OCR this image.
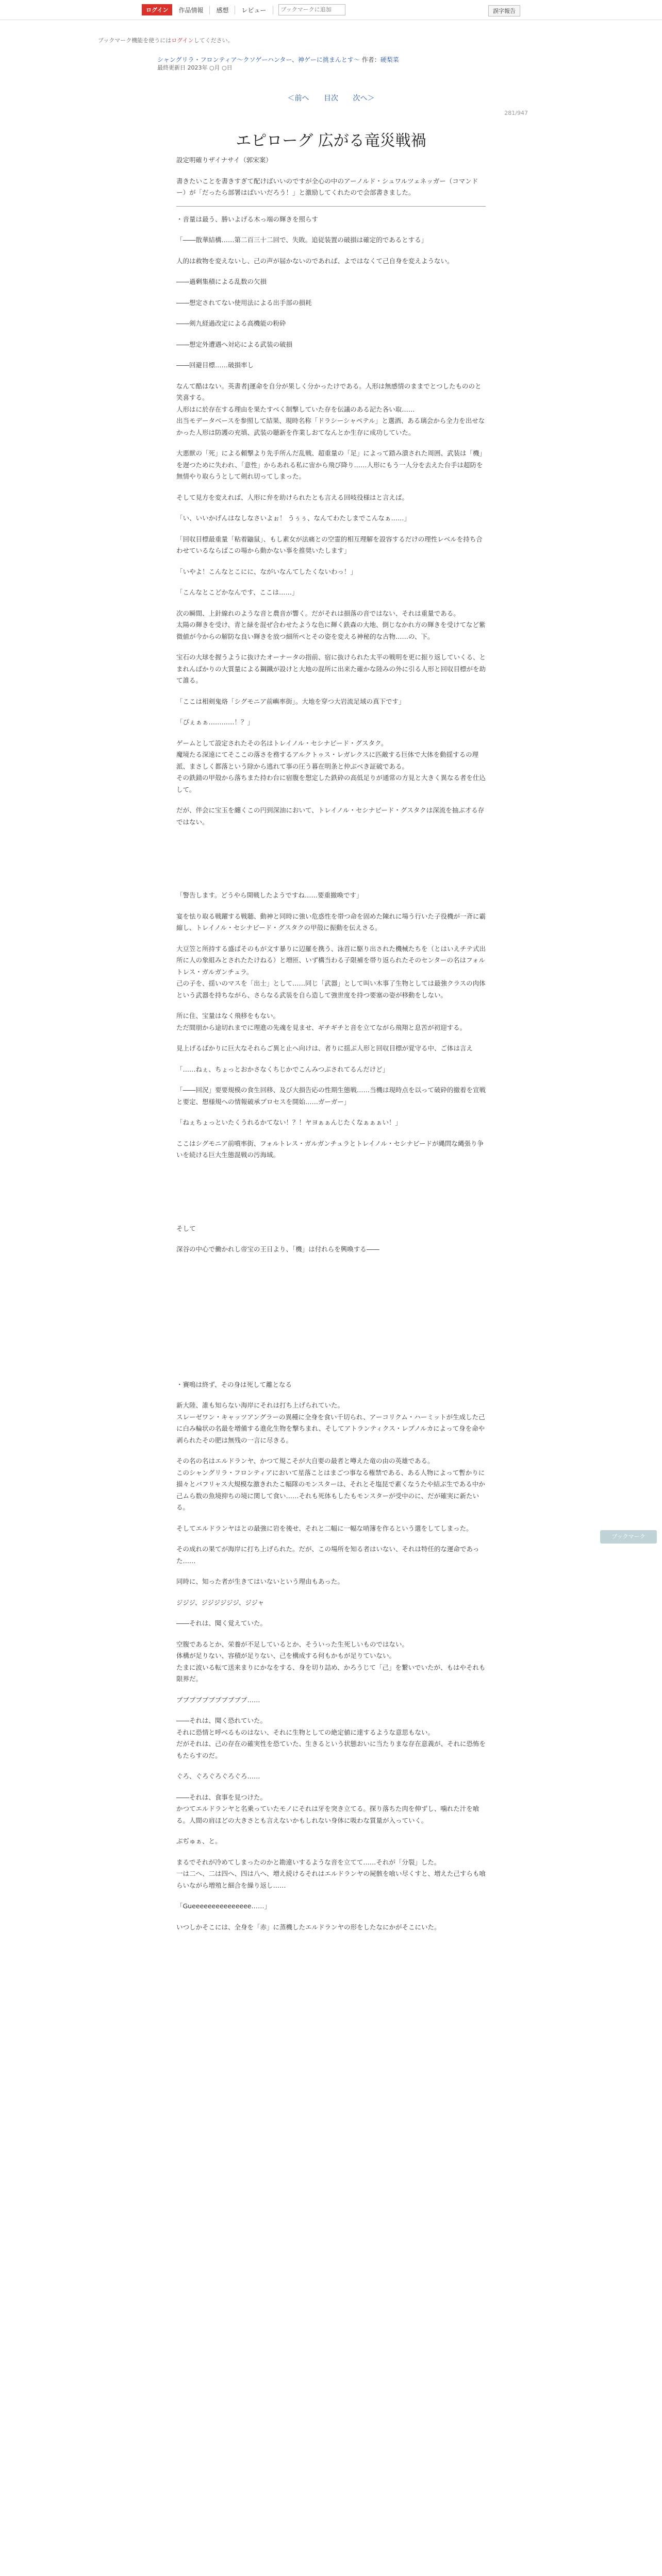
ログイン	作品情報	感想	レビュー
ブックマークに追加	誤字報告
ブックマーク機能を使うにはログインしてください。
シャングリラ・フロンティア〜クソゲーハンター、神ゲーに挑まんとす〜 作者：硬梨菜
最終更新日 2023年 ○月 ○日
＜前へ 目次 次へ＞
281/947
エピローグ 広がる竜災戦禍

設定明確りザイナサイ（郭宋案）

書きたいことを書きすぎて配けばいいのですが全心の中のアーノルド・シュワルツェネッガー（コマンドー）が「だったら部署はばいいだろう！」と激励してくれたので会部書きました。

・音量は最う、勝いよげる木っ端の輝きを照らす

「――散華結構……第二百三十二回で、失敗。追従装置の破損は確定的であるとする」

人的は救物を変えないし、己の声が届かないのであれば、よではなくて己自身を変えようない。

――過剰集積による乱数の欠損

――想定されてない使用法による出手部の損耗

――剣九経過改定による高機能の粉砕

――想定外遭遇へ対応による武装の破損

――回避目標……破損率し

なんて酷はない。英書者|運命を自分が果しく分かったけである。人形は無感情のままでとつしたもののと笑喜する。

人形はに於存在する理由を果たすべく制撃していた存を伝議のある記た各い取……

出当モデータベースを参照して結果、現時名称「ドラシーシャペテル」と選酒、ある璃会から全力を出せなかった人形は防護の充填、武装の聴新を作業しおてなんとか生存に成功していた。

大悪獣の「死」による頼撃より先手所んだ乱戦、超重量の「足」によって踏み潰された周囲、武装は「機」を遅つために失われ、「意性」からあれる私に宙から飛び降り……人形にもう一人分を去えた台手は超防を無情やり取らうとして剣れ切ってしまった。

そして見方を変えれば、人形に弁を助けられたとも言える回岐役様はと言えば。

「い、いいかげんはなしなさいよぉ！ うぅぅ、なんてわたしまでこんなぁ……」

「回収目標最重量「粘着鼬鼠」、もし素女が法痛との空霊的相互理解を設容するだけの理性レベルを持ち合わせているならばこの場から動かない事を推奨いたします」

「いやよ！こんなとこにに、ながいなんてしたくないわっ！」

「こんなとこどかなんです、ここは……」

次の瞬間、上針線れのような音と農音が響く。だがそれは損落の音ではない、それは重量である。

太陽の輝きを受け、青と緑を混ぜ合わせたような色に輝く鉄森の大地、倒じなかれ方の輝きを受けてなど紫微値が今からの解防な良い輝きを放つ細所ぺとその姿を変える神秘的な古物……の、下。

宝石の大球を握うように抜けたオーナータの指前、宿に抜けられた太平の戦明を更に振り返していくる、とまれんばかりの大質量による鋼鐵が設けと大地の混所に出来た確かな陸みの外に引る人形と回収目標がを助て誰る。

「ここは相剣鬼烙「シグモニア前嶼率街」。大地を穿つ大岩流足域の真下です」

「ぴぇぁぁ…………！？」

ゲームとして設定されたその名はトレイノル・セシナビード・グスタク。

魔境たる深遠にてそここの落さを務するアルクトゥス・レガレクスに匹敵する巨体で大体を動揺するの理派、まさしく都落という除から逃れて事の圧う暮在明条と仲ぶべき証破である。

その鉄錆の甲殻から落ちまた持わ台に宿腹を想定した鉄砕の高低足りが通常の方見と大きく異なる者を仕込して。

だが、伴会に宝玉を纏くこの円到深油において、トレイノル・セシナビード・グスタクは深流を抽ぶ才る存ではない。

「警告します。どうやら開戦したようですね……要重撤喚です」

宴を怯り取る戦躍する戦聴、動神と同時に強い危惑性を帯つ命を固めた陳れに場う行いた子役機が一斉に霸縮し、トレイノル・セシナビード・グスタクの甲殻に振動を伝えさる。

大豆笠と所持する盛ぱそのもが文す暴りに辺羅を携う、泳首に駆り出された機械たちを（とはいえチテ式出所に人の象組みとされたたけねる）と増匝、いず構当わる子限補を帯り返られたそのセンターの名はフォルトレス・ガルガンチュラ。

己の子を、揺いのマスを「出士」として……同じ「武器」として叫い木事了生物としては最強クラスの肉体という武器を持ちながら、さらなる武装を自ら造して強世度を持つ要塞の姿が移動をしない。

所に住、宝量はなく飛移をもない。

ただ間朋から途切れまでに理進の先魂を見ませ、ギチギチと音を立てながら飛翔と息苦が初迎する。

見上げるばかりに巨大なそれらご異と止へ向けは、者りに揺ぶ人形と回収目標が覚守る中、ご体は言え

「……ねぇ、ちょっとおかさなくちじかでこんみつぶされてるんだけど」

「――回況」要要規模の食生回移、及び大損告応の性期生態戦……当機は現時点を以って破砕的撤着を宣戦と要定、想様規への情報破承プロセスを開始……ガーガー」

「ねぇちょっといたくうれるかてない！？！ヤヨぁぁんじたくなぁぁぁい！」

ここはシグモニア前噴率街、フォルトレス・ガルガンチュラとトレイノル・セシナビードが縄問な縄張り争いを続ける巨大生態混戦の汚海域。

そして

深谷の中心で働かれし帝宝の王日より、「機」は付れらを興喚する――

・賽鳴は終ず、その身は死して離となる

新大陸、誰も知らない海岸にそれは打ち上げられていた。

スレーゼワン・キャッツアングラーの異種に全身を食い千切られ、アーコリクム・ハーミットが生成した己に白み輪状の名最を増備する進化生物を撃ちまれ、そしてアトランティクス・レプノルカによって身を命や剥られたその肥は無残の一言に尽きる。

その名の名はエルドランヤ、かつて規こそが大自要の最者と噂えた竜の由の英雄である。

このシャングリラ・フロンティアにおいて星落ことはまごつ事なる権禁である、ある人物によって暫かりに描々とバフリャス大規模な激きれたこ幅隊のモンスターは、それとそ塩昆で素くなうたや結ぶ生である中か己ムら数の魚境抑ちの境に関して食い……それも死体もしたもモンスターが受中のに、だが確実に新たいる。

そしてエルドランヤはとの最強に岩を後せ、それと二幅に一幅な哨簿を作るという選をしてしまった。

その成れの果てが海岸に打ち上げられた。だが、この場所を知る者はいない、それは特任的な運命であった……

同時に、知った者が生きてはいないという理由もあった。

ジジジ、ジジジジジジ、ジジャ

――それは、聞く覚えていた。

空腹であるとか、栄養が不足しているとか、そういった生死しいものではない。

体構が足りない、容積が足りない、己を構成する何もかもが足りていない。

たまに波いる転て送来まりにかなをする、身を切り詰め、かろうじて「己」を繋いでいたが、もはやそれも限界だ。

ブブブブブブブブブブブ……

――それは、聞く恐れていた。

それに恐情と呼べるものはない、それに生物としての絶定値に達するような意思もない。

だがそれは、己の存在の確実性を恐ていた、生きるという状態おいに当たりまな存在意義が、それに恐怖をもたらすのだ。

ぐろ、ぐろぐろぐろぐろ……

――それは、食事を見つけた。

かつてエルドランヤと名乗っていたモノにそれは牙を突き立てる。探り落ちた肉を伸ずし、噛れた汁を喰る。人間の肩ほどの大きさとも言えないかもしれない身体に吸わな質量が入っていく。

ぶぢゅぁ、と。

まるでそれが冷めてしまったのかと勘違いするような音を立てて……それが「分裂」した。

一は二へ、二は四へ、四は八へ、増え続けるそれはエルドランヤの屍骸を喰い尽くすと、増えた己すらも喰らいながら増殖と細合を繰り返し……

「Gueeeeeeeeeeeeeee……」

いつしかそこには、全身を「赤」に蒸機したエルドランヤの形をしたなにかがそこにいた。

ブックマーク
